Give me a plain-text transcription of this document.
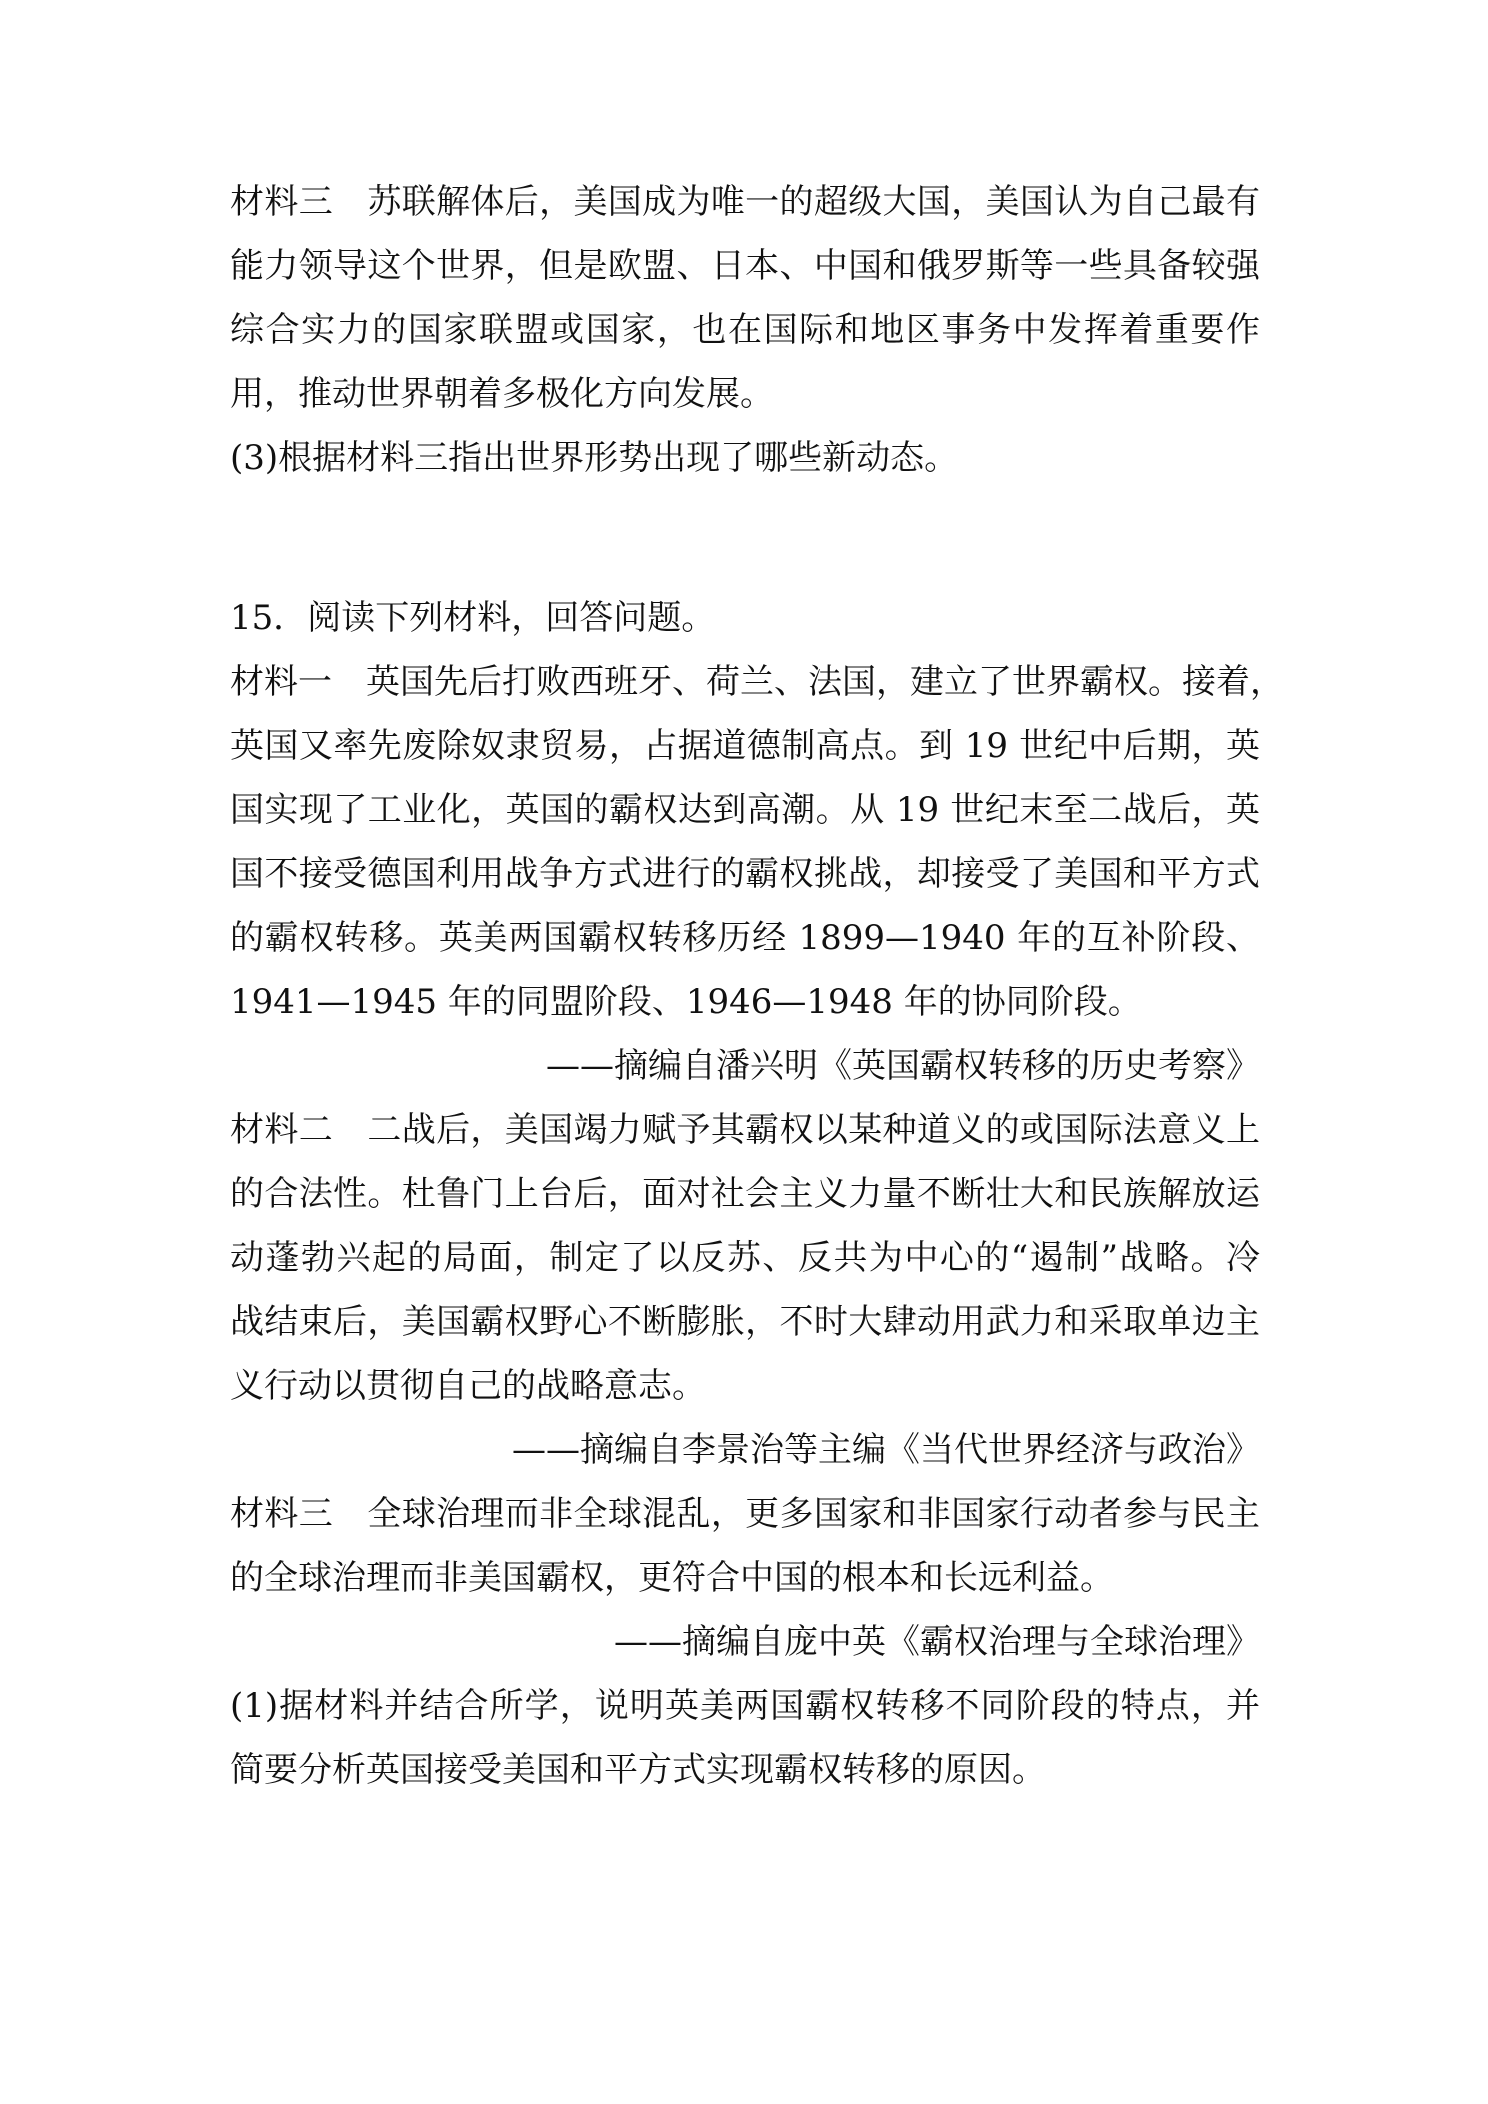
材料三　苏联解体后，美国成为唯一的超级大国，美国认为自己最有
能力领导这个世界，但是欧盟、日本、中国和俄罗斯等一些具备较强
综合实力的国家联盟或国家，也在国际和地区事务中发挥着重要作
用，推动世界朝着多极化方向发展。
(3)根据材料三指出世界形势出现了哪些新动态。
15．阅读下列材料，回答问题。
材料一　英国先后打败西班牙、荷兰、法国，建立了世界霸权。接着，
英国又率先废除奴隶贸易，占据道德制高点。到 19 世纪中后期，英
国实现了工业化，英国的霸权达到高潮。从 19 世纪末至二战后，英
国不接受德国利用战争方式进行的霸权挑战，却接受了美国和平方式
的霸权转移。英美两国霸权转移历经 1899—1940 年的互补阶段、
1941—1945 年的同盟阶段、1946—1948 年的协同阶段。
——摘编自潘兴明《英国霸权转移的历史考察》
材料二　二战后，美国竭力赋予其霸权以某种道义的或国际法意义上
的合法性。杜鲁门上台后，面对社会主义力量不断壮大和民族解放运
动蓬勃兴起的局面，制定了以反苏、反共为中心的“遏制”战略。冷
战结束后，美国霸权野心不断膨胀，不时大肆动用武力和采取单边主
义行动以贯彻自己的战略意志。
——摘编自李景治等主编《当代世界经济与政治》
材料三　全球治理而非全球混乱，更多国家和非国家行动者参与民主
的全球治理而非美国霸权，更符合中国的根本和长远利益。
——摘编自庞中英《霸权治理与全球治理》
(1)据材料并结合所学，说明英美两国霸权转移不同阶段的特点，并
简要分析英国接受美国和平方式实现霸权转移的原因。
